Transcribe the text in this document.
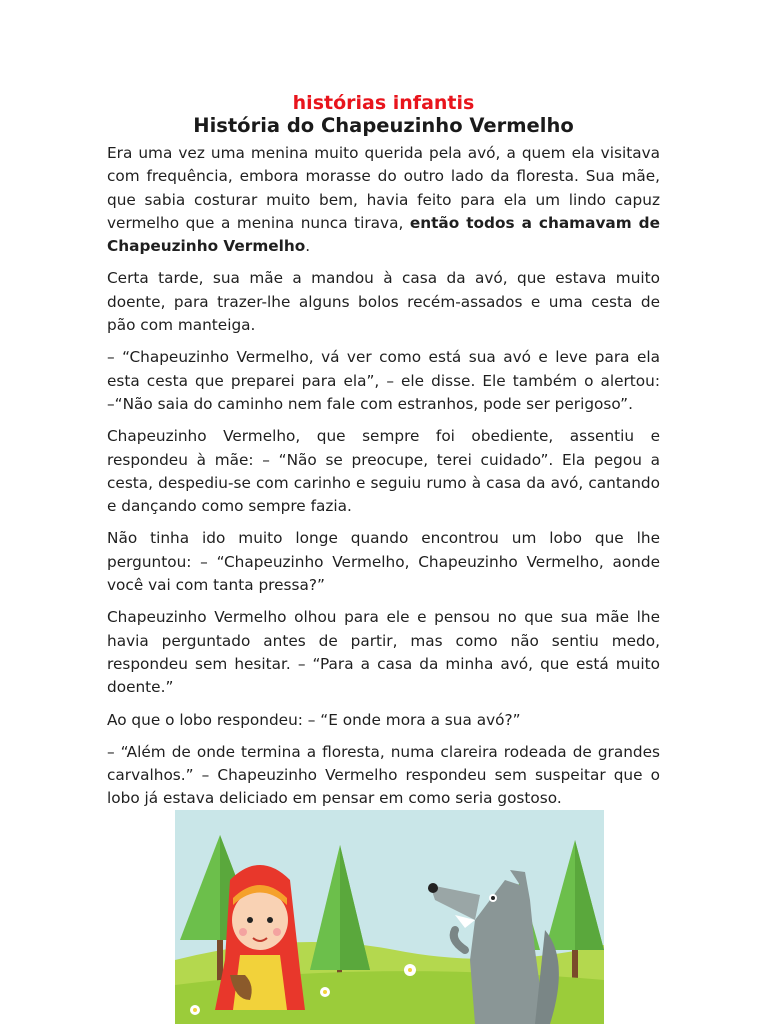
histórias infantis

História do Chapeuzinho Vermelho

Era uma vez uma menina muito querida pela avó, a quem ela visitava com frequência, embora morasse do outro lado da floresta. Sua mãe, que sabia costurar muito bem, havia feito para ela um lindo capuz vermelho que a menina nunca tirava, então todos a chamavam de Chapeuzinho Vermelho.

Certa tarde, sua mãe a mandou à casa da avó, que estava muito doente, para trazer-lhe alguns bolos recém-assados e uma cesta de pão com manteiga.

– “Chapeuzinho Vermelho, vá ver como está sua avó e leve para ela esta cesta que preparei para ela”, – ele disse. Ele também o alertou: –“Não saia do caminho nem fale com estranhos, pode ser perigoso”.

Chapeuzinho Vermelho, que sempre foi obediente, assentiu e respondeu à mãe: – “Não se preocupe, terei cuidado”. Ela pegou a cesta, despediu-se com carinho e seguiu rumo à casa da avó, cantando e dançando como sempre fazia.

Não tinha ido muito longe quando encontrou um lobo que lhe perguntou: – “Chapeuzinho Vermelho, Chapeuzinho Vermelho, aonde você vai com tanta pressa?”

Chapeuzinho Vermelho olhou para ele e pensou no que sua mãe lhe havia perguntado antes de partir, mas como não sentiu medo, respondeu sem hesitar. – “Para a casa da minha avó, que está muito doente.”

Ao que o lobo respondeu: – “E onde mora a sua avó?”

– “Além de onde termina a floresta, numa clareira rodeada de grandes carvalhos.” – Chapeuzinho Vermelho respondeu sem suspeitar que o lobo já estava deliciado em pensar em como seria gostoso.
